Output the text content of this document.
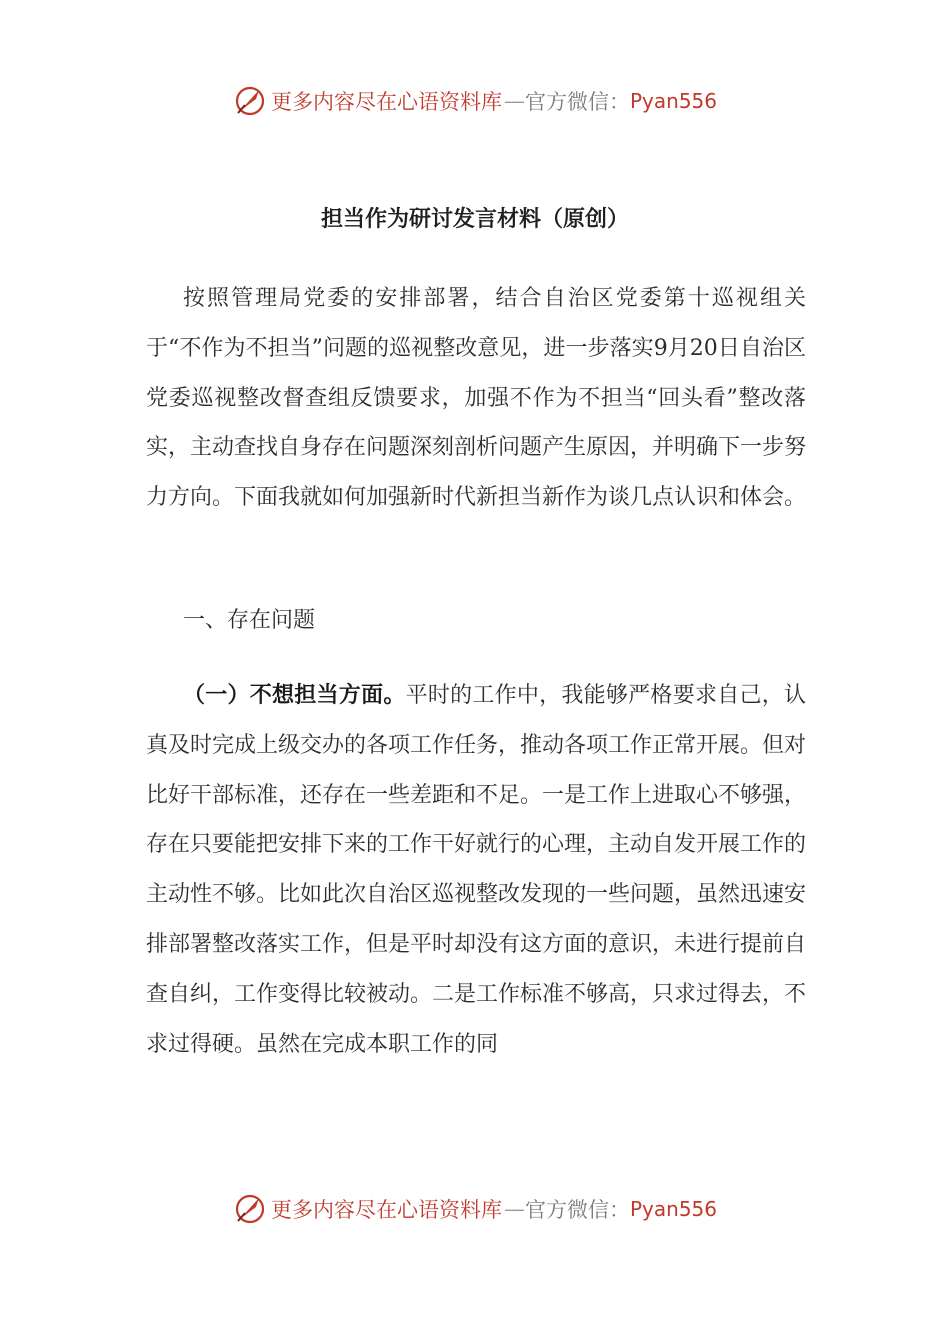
更多内容尽在心语资料库 — 官方微信： Pyan556
担当作为研讨发言材料（原创）

按照管理局党委的安排部署，结合自治区党委第十巡视组关于“不作为不担当”问题的巡视整改意见，进一步落实9月20日自治区党委巡视整改督查组反馈要求，加强不作为不担当“回头看”整改落实，主动查找自身存在问题深刻剖析问题产生原因，并明确下一步努力方向。下面我就如何加强新时代新担当新作为谈几点认识和体会。

一、存在问题

（一）不想担当方面。平时的工作中，我能够严格要求自己，认真及时完成上级交办的各项工作任务，推动各项工作正常开展。但对比好干部标准，还存在一些差距和不足。一是工作上进取心不够强，存在只要能把安排下来的工作干好就行的心理，主动自发开展工作的主动性不够。比如此次自治区巡视整改发现的一些问题，虽然迅速安排部署整改落实工作，但是平时却没有这方面的意识，未进行提前自查自纠，工作变得比较被动。二是工作标准不够高，只求过得去，不求过得硬。虽然在完成本职工作的同

更多内容尽在心语资料库 — 官方微信： Pyan556
